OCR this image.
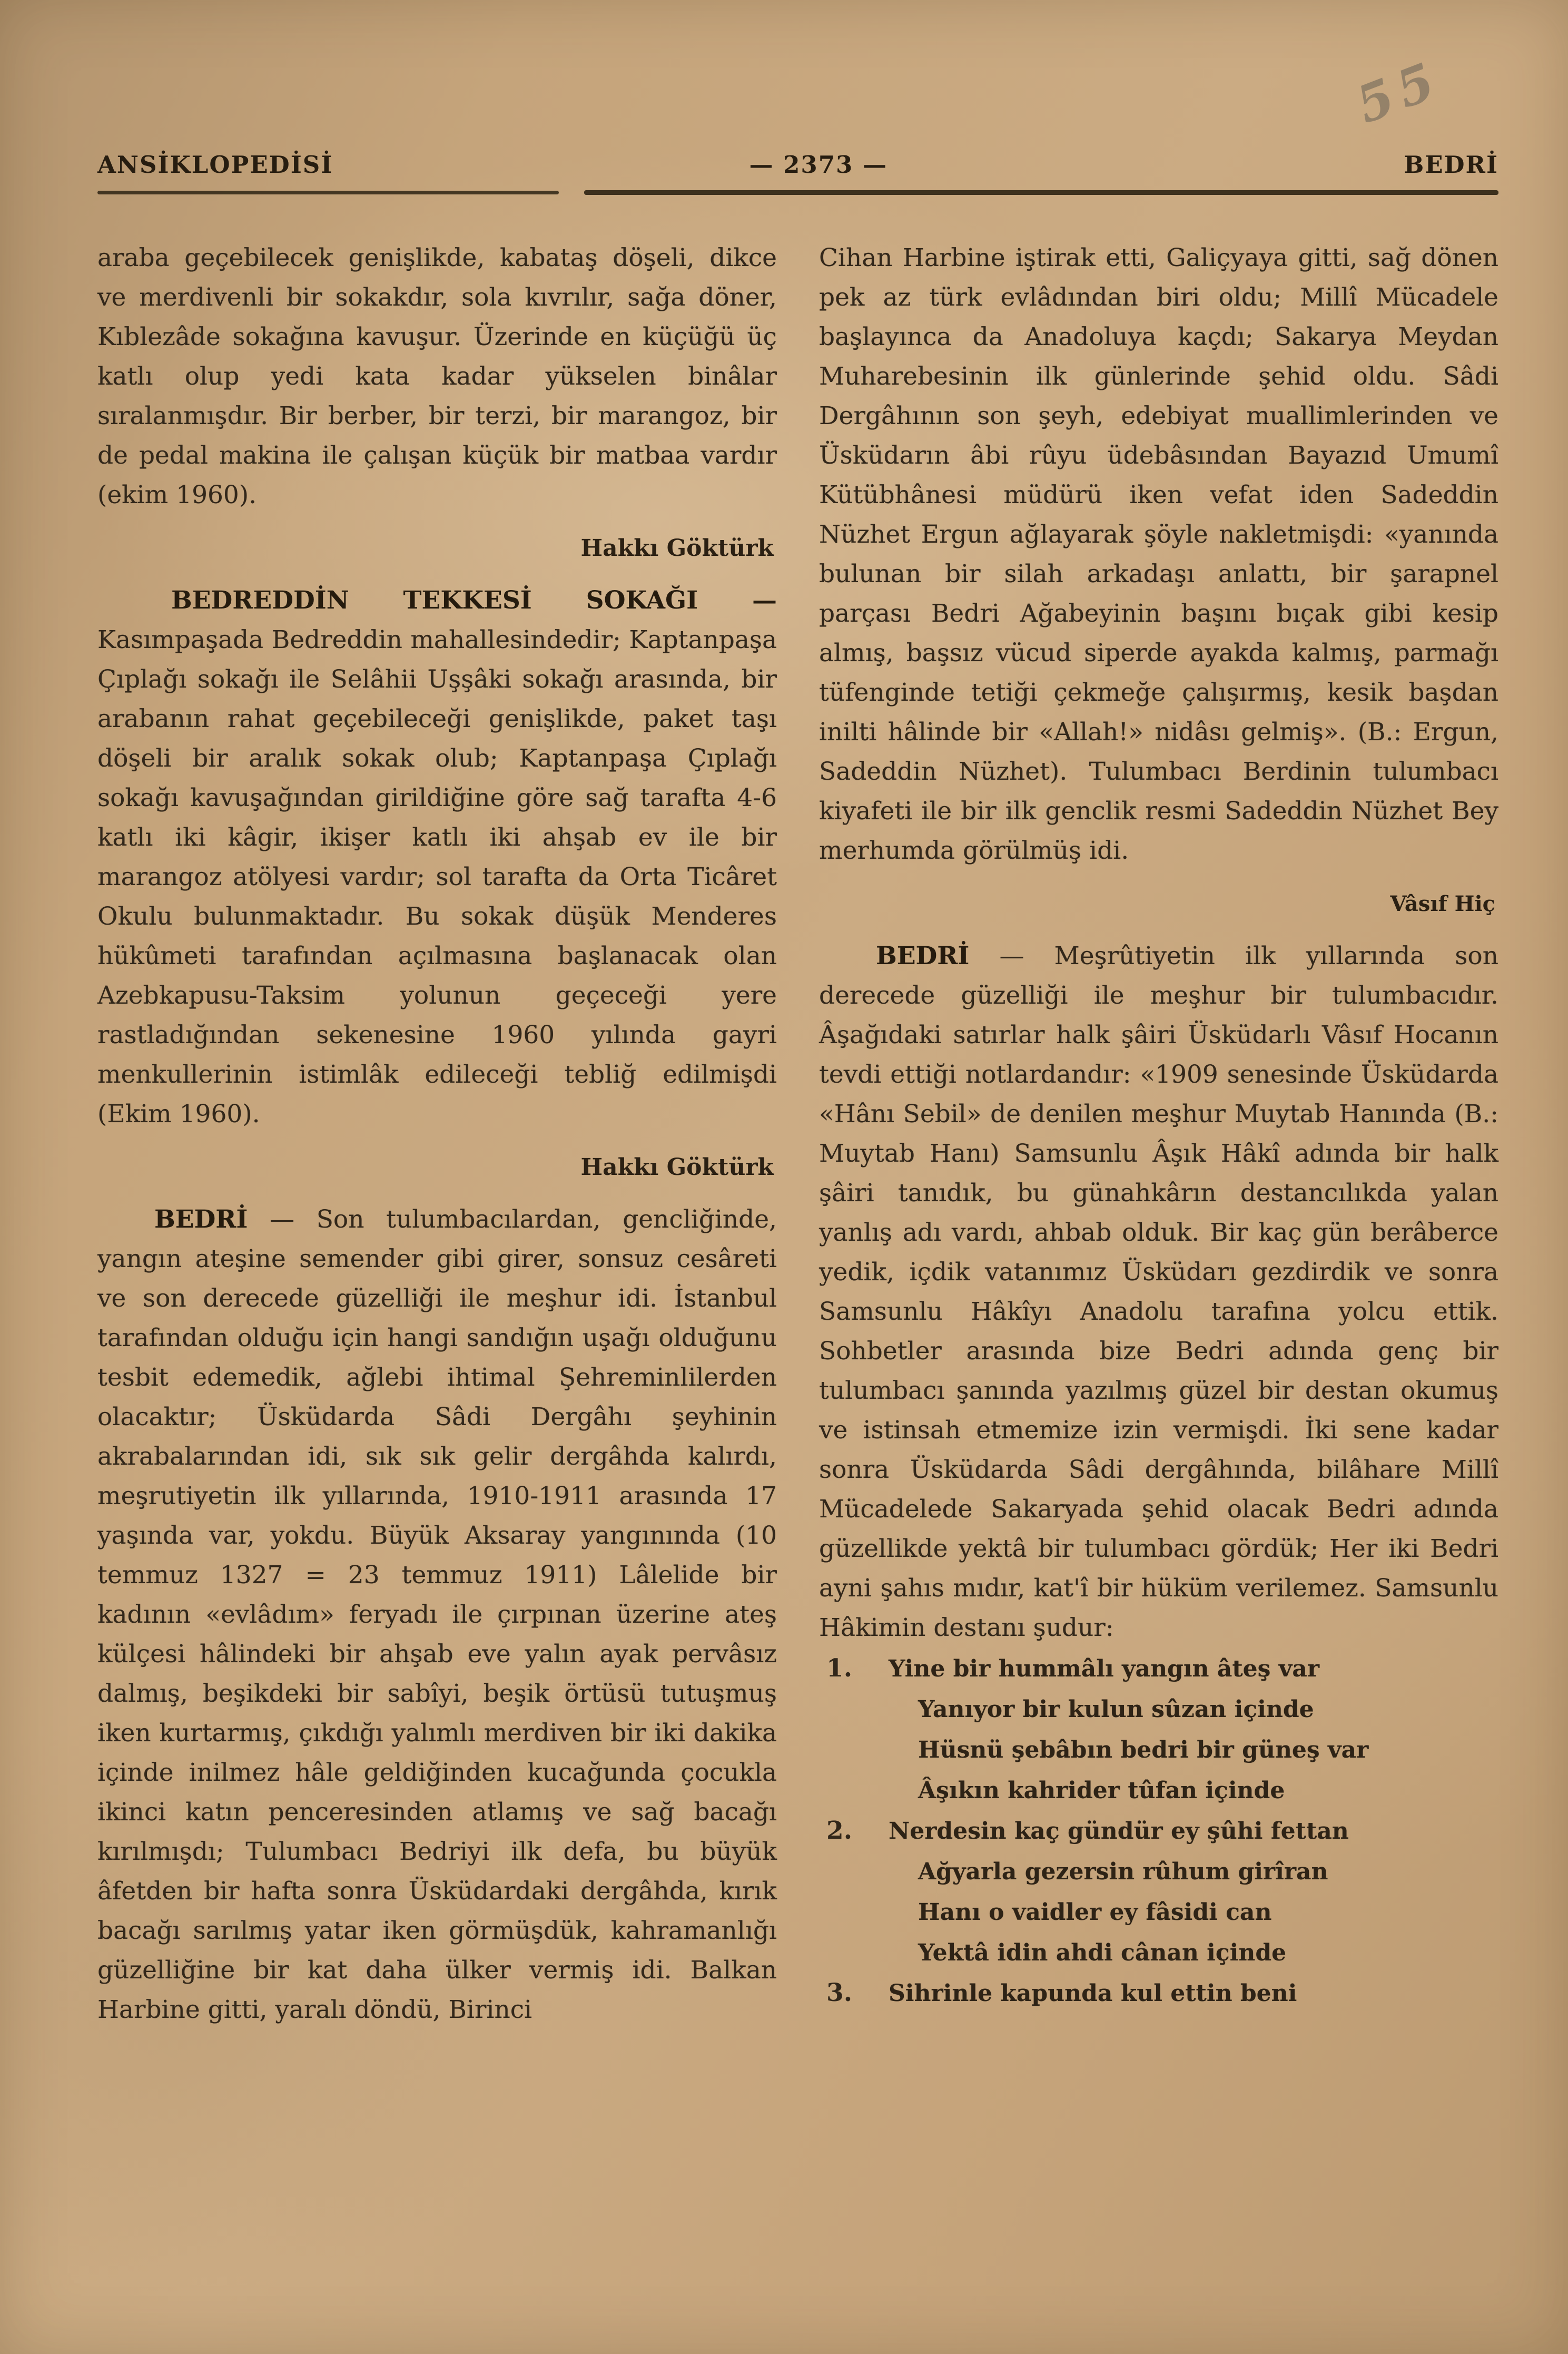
55
ANSİKLOPEDİSİ	— 2373 —	BEDRİ

araba geçebilecek genişlikde, kabataş döşeli, dikce ve merdivenli bir sokakdır, sola kıvrılır, sağa döner, Kıblezâde sokağına kavuşur. Üzerinde en küçüğü üç katlı olup yedi kata kadar yükselen binâlar sıralanmışdır. Bir berber, bir terzi, bir marangoz, bir de pedal makina ile çalışan küçük bir matbaa vardır (ekim 1960).

Hakkı Göktürk

BEDREDDİN TEKKESİ SOKAĞI —

Kasımpaşada Bedreddin mahallesindedir; Kaptanpaşa Çıplağı sokağı ile Selâhii Uşşâki sokağı arasında, bir arabanın rahat geçebileceği genişlikde, paket taşı döşeli bir aralık sokak olub; Kaptanpaşa Çıplağı sokağı kavuşağından girildiğine göre sağ tarafta 4-6 katlı iki kâgir, ikişer katlı iki ahşab ev ile bir marangoz atölyesi vardır; sol tarafta da Orta Ticâret Okulu bulunmaktadır. Bu sokak düşük Menderes hükûmeti tarafından açılmasına başlanacak olan Azebkapusu-Taksim yolunun geçeceği yere rastladığından sekenesine 1960 yılında gayri menkullerinin istimlâk edileceği tebliğ edilmişdi (Ekim 1960).

Hakkı Göktürk

BEDRİ — Son tulumbacılardan, gencliğinde, yangın ateşine semender gibi girer, sonsuz cesâreti ve son derecede güzelliği ile meşhur idi. İstanbul tarafından olduğu için hangi sandığın uşağı olduğunu tesbit edemedik, ağlebi ihtimal Şehreminlilerden olacaktır; Üsküdarda Sâdi Dergâhı şeyhinin akrabalarından idi, sık sık gelir dergâhda kalırdı, meşrutiyetin ilk yıllarında, 1910-1911 arasında 17 yaşında var, yokdu. Büyük Aksaray yangınında (10 temmuz 1327 = 23 temmuz 1911) Lâlelide bir kadının «evlâdım» feryadı ile çırpınan üzerine ateş külçesi hâlindeki bir ahşab eve yalın ayak pervâsız dalmış, beşikdeki bir sabîyi, beşik örtüsü tutuşmuş iken kurtarmış, çıkdığı yalımlı merdiven bir iki dakika içinde inilmez hâle geldiğinden kucağunda çocukla ikinci katın penceresinden atlamış ve sağ bacağı kırılmışdı; Tulumbacı Bedriyi ilk defa, bu büyük âfetden bir hafta sonra Üsküdardaki dergâhda, kırık bacağı sarılmış yatar iken görmüşdük, kahramanlığı güzelliğine bir kat daha ülker vermiş idi. Balkan Harbine gitti, yaralı döndü, Birinci

Cihan Harbine iştirak etti, Galiçyaya gitti, sağ dönen pek az türk evlâdından biri oldu; Millî Mücadele başlayınca da Anadoluya kaçdı; Sakarya Meydan Muharebesinin ilk günlerinde şehid oldu. Sâdi Dergâhının son şeyh, edebiyat muallimlerinden ve Üsküdarın âbi rûyu üdebâsından Bayazıd Umumî Kütübhânesi müdürü iken vefat iden Sadeddin Nüzhet Ergun ağlayarak şöyle nakletmişdi: «yanında bulunan bir silah arkadaşı anlattı, bir şarapnel parçası Bedri Ağabeyinin başını bıçak gibi kesip almış, başsız vücud siperde ayakda kalmış, parmağı tüfenginde tetiği çekmeğe çalışırmış, kesik başdan inilti hâlinde bir «Allah!» nidâsı gelmiş». (B.: Ergun, Sadeddin Nüzhet). Tulumbacı Berdinin tulumbacı kiyafeti ile bir ilk genclik resmi Sadeddin Nüzhet Bey merhumda görülmüş idi.

Vâsıf Hiç

BEDRİ — Meşrûtiyetin ilk yıllarında son derecede güzelliği ile meşhur bir tulumbacıdır. Âşağıdaki satırlar halk şâiri Üsküdarlı Vâsıf Hocanın tevdi ettiği notlardandır: «1909 senesinde Üsküdarda «Hânı Sebil» de denilen meşhur Muytab Hanında (B.: Muytab Hanı) Samsunlu Âşık Hâkî adında bir halk şâiri tanıdık, bu günahkârın destancılıkda yalan yanlış adı vardı, ahbab olduk. Bir kaç gün berâberce yedik, içdik vatanımız Üsküdarı gezdirdik ve sonra Samsunlu Hâkîyı Anadolu tarafına yolcu ettik. Sohbetler arasında bize Bedri adında genç bir tulumbacı şanında yazılmış güzel bir destan okumuş ve istinsah etmemize izin vermişdi. İki sene kadar sonra Üsküdarda Sâdi dergâhında, bilâhare Millî Mücadelede Sakaryada şehid olacak Bedri adında güzellikde yektâ bir tulumbacı gördük; Her iki Bedri ayni şahıs mıdır, kat'î bir hüküm verilemez. Samsunlu Hâkimin destanı şudur:

1.	Yine bir hummâlı yangın âteş var
Yanıyor bir kulun sûzan içinde
Hüsnü şebâbın bedri bir güneş var
Âşıkın kahrider tûfan içinde
2.	Nerdesin kaç gündür ey şûhi fettan
Ağyarla gezersin rûhum girîran
Hanı o vaidler ey fâsidi can
Yektâ idin ahdi cânan içinde
3.	Sihrinle kapunda kul ettin beni
